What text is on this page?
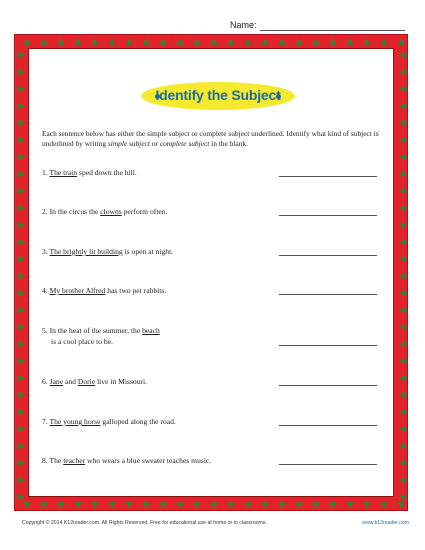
Name:
Identify the Subject
Each sentence below has either the simple subject or complete subject underlined. Identify what kind of subject is underlined by writing simple subject or complete subject in the blank.
1. The train sped down the hill.
2. In the circus the clowns perform often.
3. The brightly lit building is open at night.
4. My brother Alfred has two pet rabbits.
5. In the heat of the summer, the beach
is a cool place to be.
6. Jane and Dorie live in Missouri.
7. The young horse galloped along the road.
8. The teacher who wears a blue sweater teaches music.
Copyright © 2014 K12reader.com. All Rights Reserved. Free for educational use at home or in classrooms.	www.k12reader.com
